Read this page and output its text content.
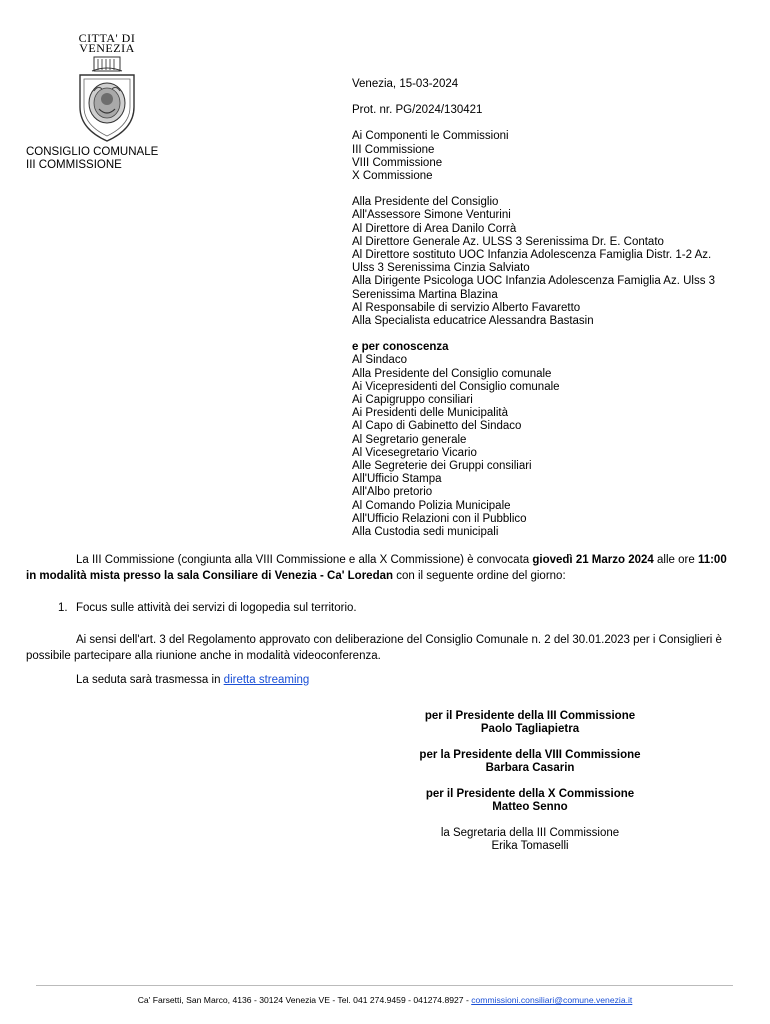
CITTA' DI
VENEZIA
CONSIGLIO COMUNALE
III COMMISSIONE
Venezia, 15-03-2024
Prot. nr. PG/2024/130421
Ai Componenti le Commissioni
III Commissione
VIII Commissione
X Commissione
Alla Presidente del Consiglio
All'Assessore Simone Venturini
Al Direttore di Area Danilo Corrà
Al Direttore Generale Az. ULSS 3 Serenissima Dr. E. Contato
Al Direttore sostituto UOC Infanzia Adolescenza Famiglia Distr. 1-2 Az.
Ulss 3 Serenissima Cinzia Salviato
Alla Dirigente Psicologa UOC Infanzia Adolescenza Famiglia Az. Ulss 3
Serenissima Martina Blazina
Al Responsabile di servizio Alberto Favaretto
Alla Specialista educatrice Alessandra Bastasin
e per conoscenza
Al Sindaco
Alla Presidente del Consiglio comunale
Ai Vicepresidenti del Consiglio comunale
Ai Capigruppo consiliari
Ai Presidenti delle Municipalità
Al Capo di Gabinetto del Sindaco
Al Segretario generale
Al Vicesegretario Vicario
Alle Segreterie dei Gruppi consiliari
All'Ufficio Stampa
All'Albo pretorio
Al Comando Polizia Municipale
All'Ufficio Relazioni con il Pubblico
Alla Custodia sedi municipali

La III Commissione (congiunta alla VIII Commissione e alla X Commissione) è convocata giovedì 21 Marzo 2024 alle ore 11:00 in modalità mista presso la sala Consiliare di Venezia - Ca' Loredan con il seguente ordine del giorno:

1. Focus sulle attività dei servizi di logopedia sul territorio.

Ai sensi dell'art. 3 del Regolamento approvato con deliberazione del Consiglio Comunale n. 2 del 30.01.2023 per i Consiglieri è possibile partecipare alla riunione anche in modalità videoconferenza.

La seduta sarà trasmessa in diretta streaming

per il Presidente della III Commissione
Paolo Tagliapietra
per la Presidente della VIII Commissione
Barbara Casarin
per il Presidente della X Commissione
Matteo Senno
la Segretaria della III Commissione
Erika Tomaselli
Ca' Farsetti, San Marco, 4136 - 30124 Venezia VE - Tel. 041 274.9459 - 041274.8927 - commissioni.consiliari@comune.venezia.it
